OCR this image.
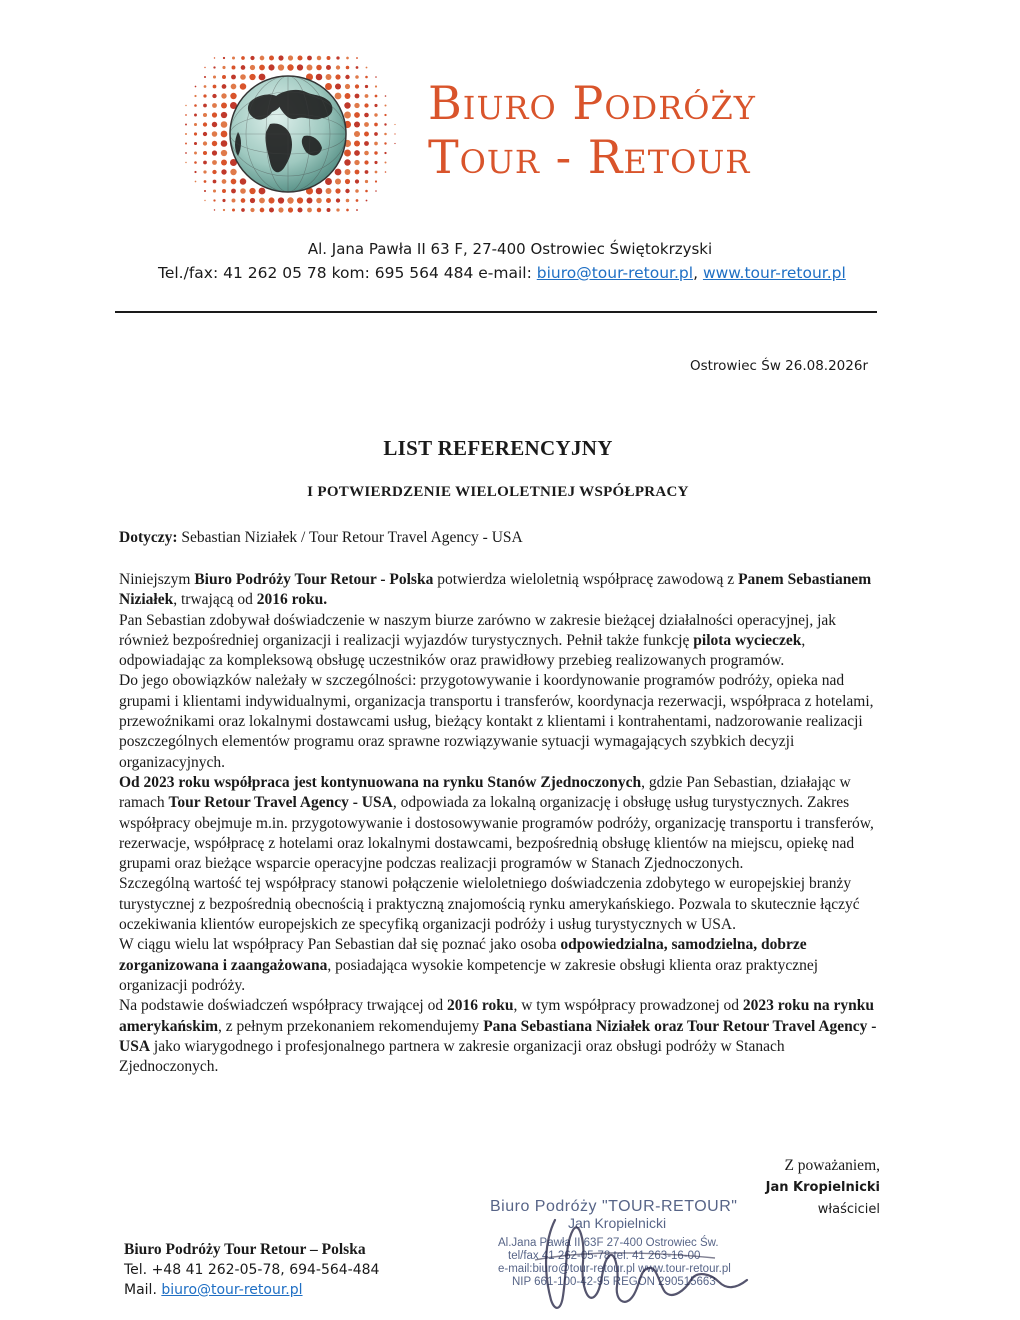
Biuro Podróży
Tour - Retour
Al. Jana Pawła II 63 F, 27-400 Ostrowiec Świętokrzyski
Tel./fax: 41 262 05 78 kom: 695 564 484 e-mail: biuro@tour-retour.pl, www.tour-retour.pl
Ostrowiec Św 26.08.2026r
LIST REFERENCYJNY
I POTWIERDZENIE WIELOLETNIEJ WSPÓŁPRACY
Dotyczy: Sebastian Niziałek / Tour Retour Travel Agency - USA

Niniejszym Biuro Podróży Tour Retour - Polska potwierdza wieloletnią współpracę zawodową z Panem Sebastianem Niziałek, trwającą od 2016 roku.

Pan Sebastian zdobywał doświadczenie w naszym biurze zarówno w zakresie bieżącej działalności operacyjnej, jak również bezpośredniej organizacji i realizacji wyjazdów turystycznych. Pełnił także funkcję pilota wycieczek, odpowiadając za kompleksową obsługę uczestników oraz prawidłowy przebieg realizowanych programów.

Do jego obowiązków należały w szczególności: przygotowywanie i koordynowanie programów podróży, opieka nad grupami i klientami indywidualnymi, organizacja transportu i transferów, koordynacja rezerwacji, współpraca z hotelami, przewoźnikami oraz lokalnymi dostawcami usług, bieżący kontakt z klientami i kontrahentami, nadzorowanie realizacji poszczególnych elementów programu oraz sprawne rozwiązywanie sytuacji wymagających szybkich decyzji organizacyjnych.

Od 2023 roku współpraca jest kontynuowana na rynku Stanów Zjednoczonych, gdzie Pan Sebastian, działając w ramach Tour Retour Travel Agency - USA, odpowiada za lokalną organizację i obsługę usług turystycznych. Zakres współpracy obejmuje m.in. przygotowywanie i dostosowywanie programów podróży, organizację transportu i transferów, rezerwacje, współpracę z hotelami oraz lokalnymi dostawcami, bezpośrednią obsługę klientów na miejscu, opiekę nad grupami oraz bieżące wsparcie operacyjne podczas realizacji programów w Stanach Zjednoczonych.

Szczególną wartość tej współpracy stanowi połączenie wieloletniego doświadczenia zdobytego w europejskiej branży turystycznej z bezpośrednią obecnością i praktyczną znajomością rynku amerykańskiego. Pozwala to skutecznie łączyć oczekiwania klientów europejskich ze specyfiką organizacji podróży i usług turystycznych w USA.

W ciągu wielu lat współpracy Pan Sebastian dał się poznać jako osoba odpowiedzialna, samodzielna, dobrze zorganizowana i zaangażowana, posiadająca wysokie kompetencje w zakresie obsługi klienta oraz praktycznej organizacji podróży.

Na podstawie doświadczeń współpracy trwającej od 2016 roku, w tym współpracy prowadzonej od 2023 roku na rynku amerykańskim, z pełnym przekonaniem rekomendujemy Pana Sebastiana Niziałek oraz Tour Retour Travel Agency - USA jako wiarygodnego i profesjonalnego partnera w zakresie organizacji oraz obsługi podróży w Stanach Zjednoczonych.

Z poważaniem,
Jan Kropielnicki
właściciel
Biuro Podróży "TOUR-RETOUR"
Jan Kropielnicki
Al.Jana Pawła II 63F 27-400 Ostrowiec Św.
tel/fax 41 262-05-78 tel. 41 263-16-00
e-mail:biuro@tour-retour.pl www.tour-retour.pl
NIP 661-100-42-95 REGON 290515663
Biuro Podróży Tour Retour – Polska
Tel. +48 41 262-05-78, 694-564-484
Mail. biuro@tour-retour.pl
